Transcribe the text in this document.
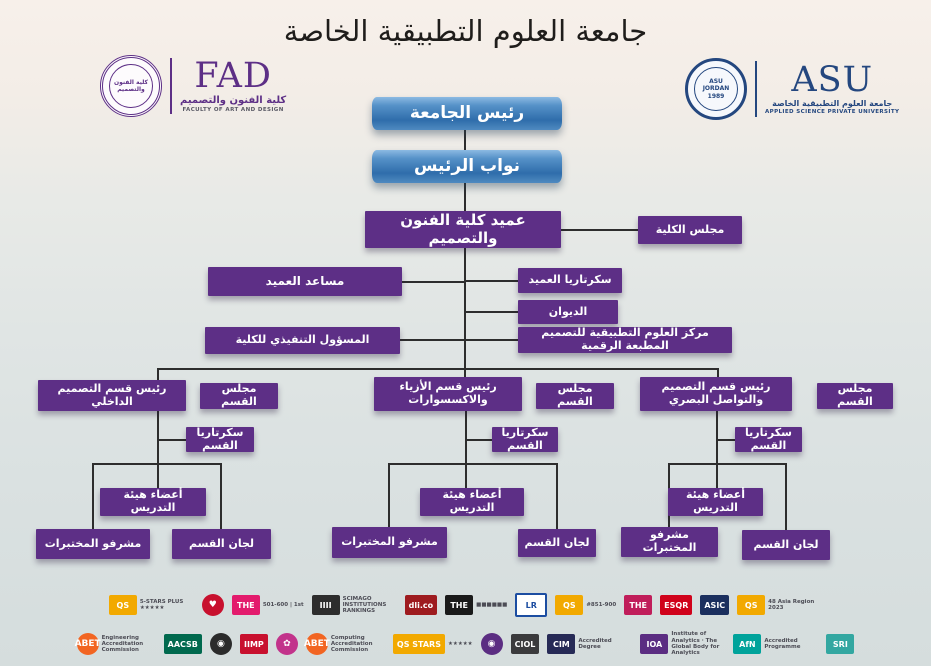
جامعة العلوم التطبيقية الخاصة
كلية الفنون والتصميم FAD
كلية الفنون والتصميم
FACULTY OF ART AND DESIGN
ASU JORDAN 1989	ASU
جامعة العلوم التطبيقية الخاصة
APPLIED SCIENCE PRIVATE UNIVERSITY
رئيس الجامعة
نواب الرئيس
عميد كلية الفنون والتصميم	مجلس الكلية
مساعد العميد	سكرتاريا العميد
الديوان
المسؤول التنفيذي للكلية
مركز العلوم التطبيقية للتصميم المطبعة الرقمية
رئيس قسم التصميم الداخلي
مجلس القسم
سكرتاريا القسم
أعضاء هيئة التدريس
مشرفو المختبرات	لجان القسم
رئيس قسم الأزياء والاكسسوارات
مجلس القسم
سكرتاريا القسم
أعضاء هيئة التدريس
مشرفو المختبرات	لجان القسم
رئيس قسم التصميم والتواصل البصري
مجلس القسم
سكرتاريا القسم
أعضاء هيئة التدريس
مشرفو المختبرات	لجان القسم
QS	5-STARS PLUS ★★★★★	♥	THE	501-600 | 1st	IIII
SCIMAGO INSTITUTIONS RANKINGS
dli.co	THE	■■■■■■	LR	QS	#851-900	THE	ESQR	ASIC	QS	48 Asia Region 2023
ABET
Engineering Accreditation Commission
AACSB	◉	IIMP	✿	ABET
Computing Accreditation Commission
QS STARS	★★★★★	◉	CIOL	CIM	Accredited Degree	IOA
Institute of Analytics · The Global Body for Analytics
AfN	Accredited Programme	SRI
